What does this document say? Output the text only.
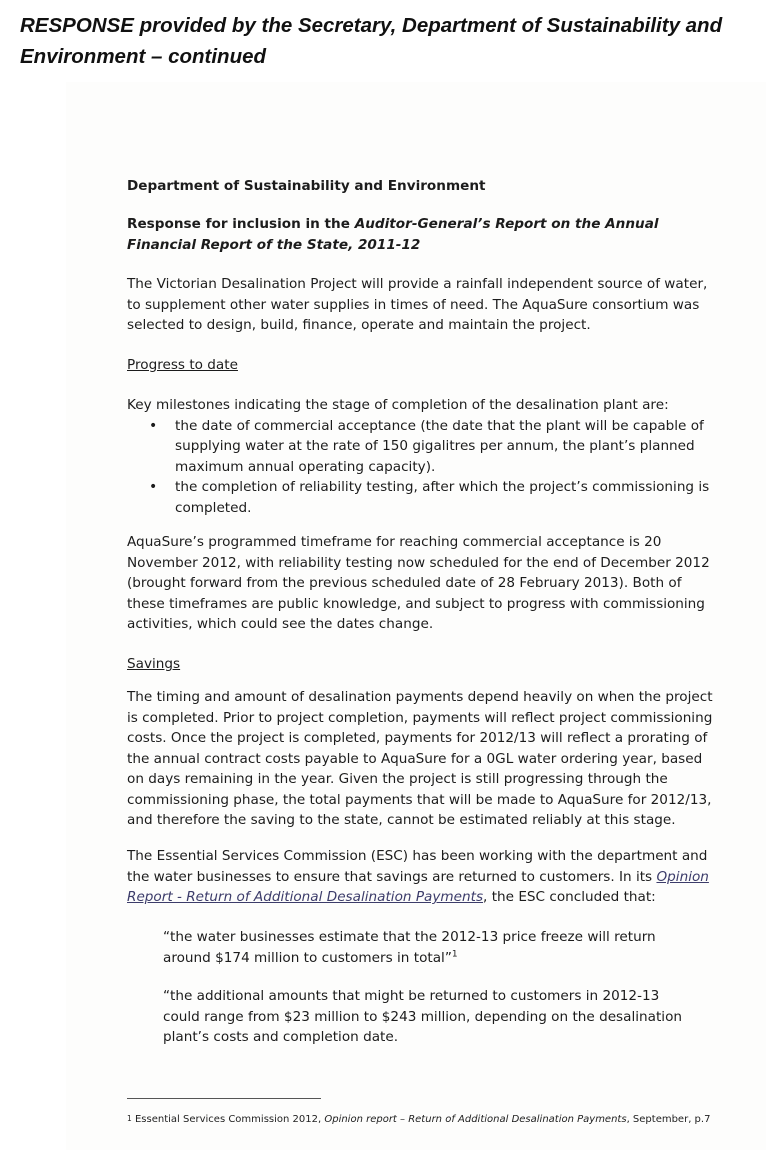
RESPONSE provided by the Secretary, Department of Sustainability and Environment – continued

Department of Sustainability and Environment

Response for inclusion in the Auditor-General’s Report on the Annual Financial Report of the State, 2011-12

The Victorian Desalination Project will provide a rainfall independent source of water, to supplement other water supplies in times of need. The AquaSure consortium was selected to design, build, finance, operate and maintain the project.

Progress to date

Key milestones indicating the stage of completion of the desalination plant are:

• the date of commercial acceptance (the date that the plant will be capable of supplying water at the rate of 150 gigalitres per annum, the plant’s planned maximum annual operating capacity).
• the completion of reliability testing, after which the project’s commissioning is completed.

AquaSure’s programmed timeframe for reaching commercial acceptance is 20 November 2012, with reliability testing now scheduled for the end of December 2012 (brought forward from the previous scheduled date of 28 February 2013). Both of these timeframes are public knowledge, and subject to progress with commissioning activities, which could see the dates change.

Savings

The timing and amount of desalination payments depend heavily on when the project is completed. Prior to project completion, payments will reflect project commissioning costs. Once the project is completed, payments for 2012/13 will reflect a prorating of the annual contract costs payable to AquaSure for a 0GL water ordering year, based on days remaining in the year. Given the project is still progressing through the commissioning phase, the total payments that will be made to AquaSure for 2012/13, and therefore the saving to the state, cannot be estimated reliably at this stage.

The Essential Services Commission (ESC) has been working with the department and the water businesses to ensure that savings are returned to customers. In its Opinion Report - Return of Additional Desalination Payments, the ESC concluded that:

“the water businesses estimate that the 2012-13 price freeze will return around $174 million to customers in total”$^1$

“the additional amounts that might be returned to customers in 2012-13 could range from $23 million to $243 million, depending on the desalination plant’s costs and completion date.

$^1$ Essential Services Commission 2012, Opinion report – Return of Additional Desalination Payments, September, p.7
